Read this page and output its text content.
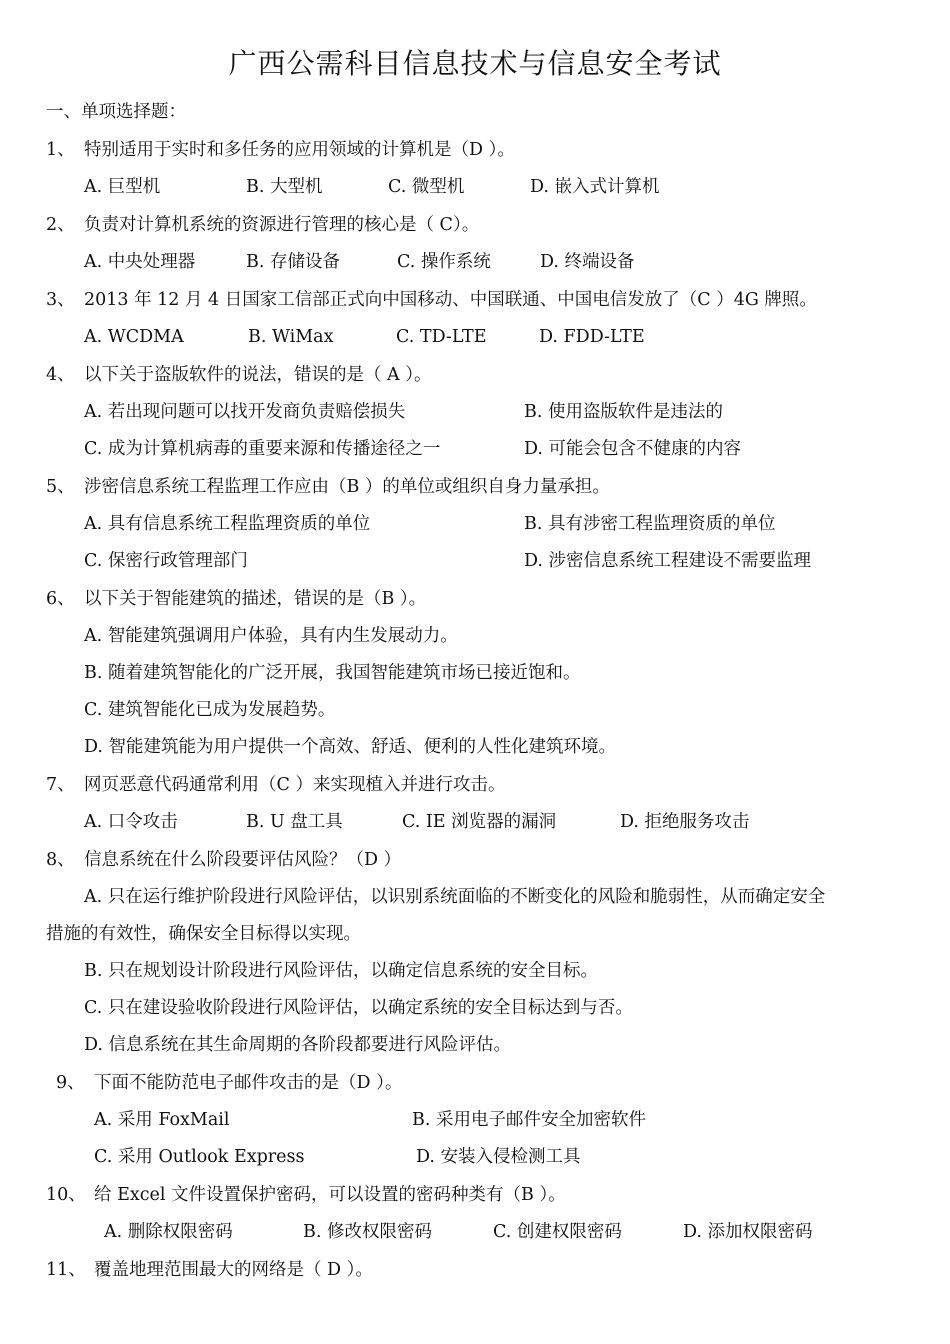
广西公需科目信息技术与信息安全考试
一、单项选择题：
1、 特别适用于实时和多任务的应用领域的计算机是（D ）。
A. 巨型机	B. 大型机	C. 微型机	D. 嵌入式计算机
2、 负责对计算机系统的资源进行管理的核心是（ C）。
A. 中央处理器	B. 存储设备	C. 操作系统	D. 终端设备
3、 2013 年 12 月 4 日国家工信部正式向中国移动、中国联通、中国电信发放了（C ）4G 牌照。
A. WCDMA	B. WiMax	C. TD-LTE	D. FDD-LTE
4、 以下关于盗版软件的说法，错误的是（ A ）。
A. 若出现问题可以找开发商负责赔偿损失	B. 使用盗版软件是违法的
C. 成为计算机病毒的重要来源和传播途径之一	D. 可能会包含不健康的内容
5、 涉密信息系统工程监理工作应由（B ）的单位或组织自身力量承担。
A. 具有信息系统工程监理资质的单位	B. 具有涉密工程监理资质的单位
C. 保密行政管理部门	D. 涉密信息系统工程建设不需要监理
6、 以下关于智能建筑的描述，错误的是（B ）。
A. 智能建筑强调用户体验，具有内生发展动力。
B. 随着建筑智能化的广泛开展，我国智能建筑市场已接近饱和。
C. 建筑智能化已成为发展趋势。
D. 智能建筑能为用户提供一个高效、舒适、便利的人性化建筑环境。
7、 网页恶意代码通常利用（C ）来实现植入并进行攻击。
A. 口令攻击	B. U 盘工具	C. IE 浏览器的漏洞	D. 拒绝服务攻击
8、 信息系统在什么阶段要评估风险？（D ）
A. 只在运行维护阶段进行风险评估，以识别系统面临的不断变化的风险和脆弱性，从而确定安全
措施的有效性，确保安全目标得以实现。
B. 只在规划设计阶段进行风险评估，以确定信息系统的安全目标。
C. 只在建设验收阶段进行风险评估，以确定系统的安全目标达到与否。
D. 信息系统在其生命周期的各阶段都要进行风险评估。
9、 下面不能防范电子邮件攻击的是（D ）。
A. 采用 FoxMail	B. 采用电子邮件安全加密软件
C. 采用 Outlook Express	D. 安装入侵检测工具
10、 给 Excel 文件设置保护密码，可以设置的密码种类有（B ）。
A. 删除权限密码	B. 修改权限密码	C. 创建权限密码	D. 添加权限密码
11、 覆盖地理范围最大的网络是（ D ）。
